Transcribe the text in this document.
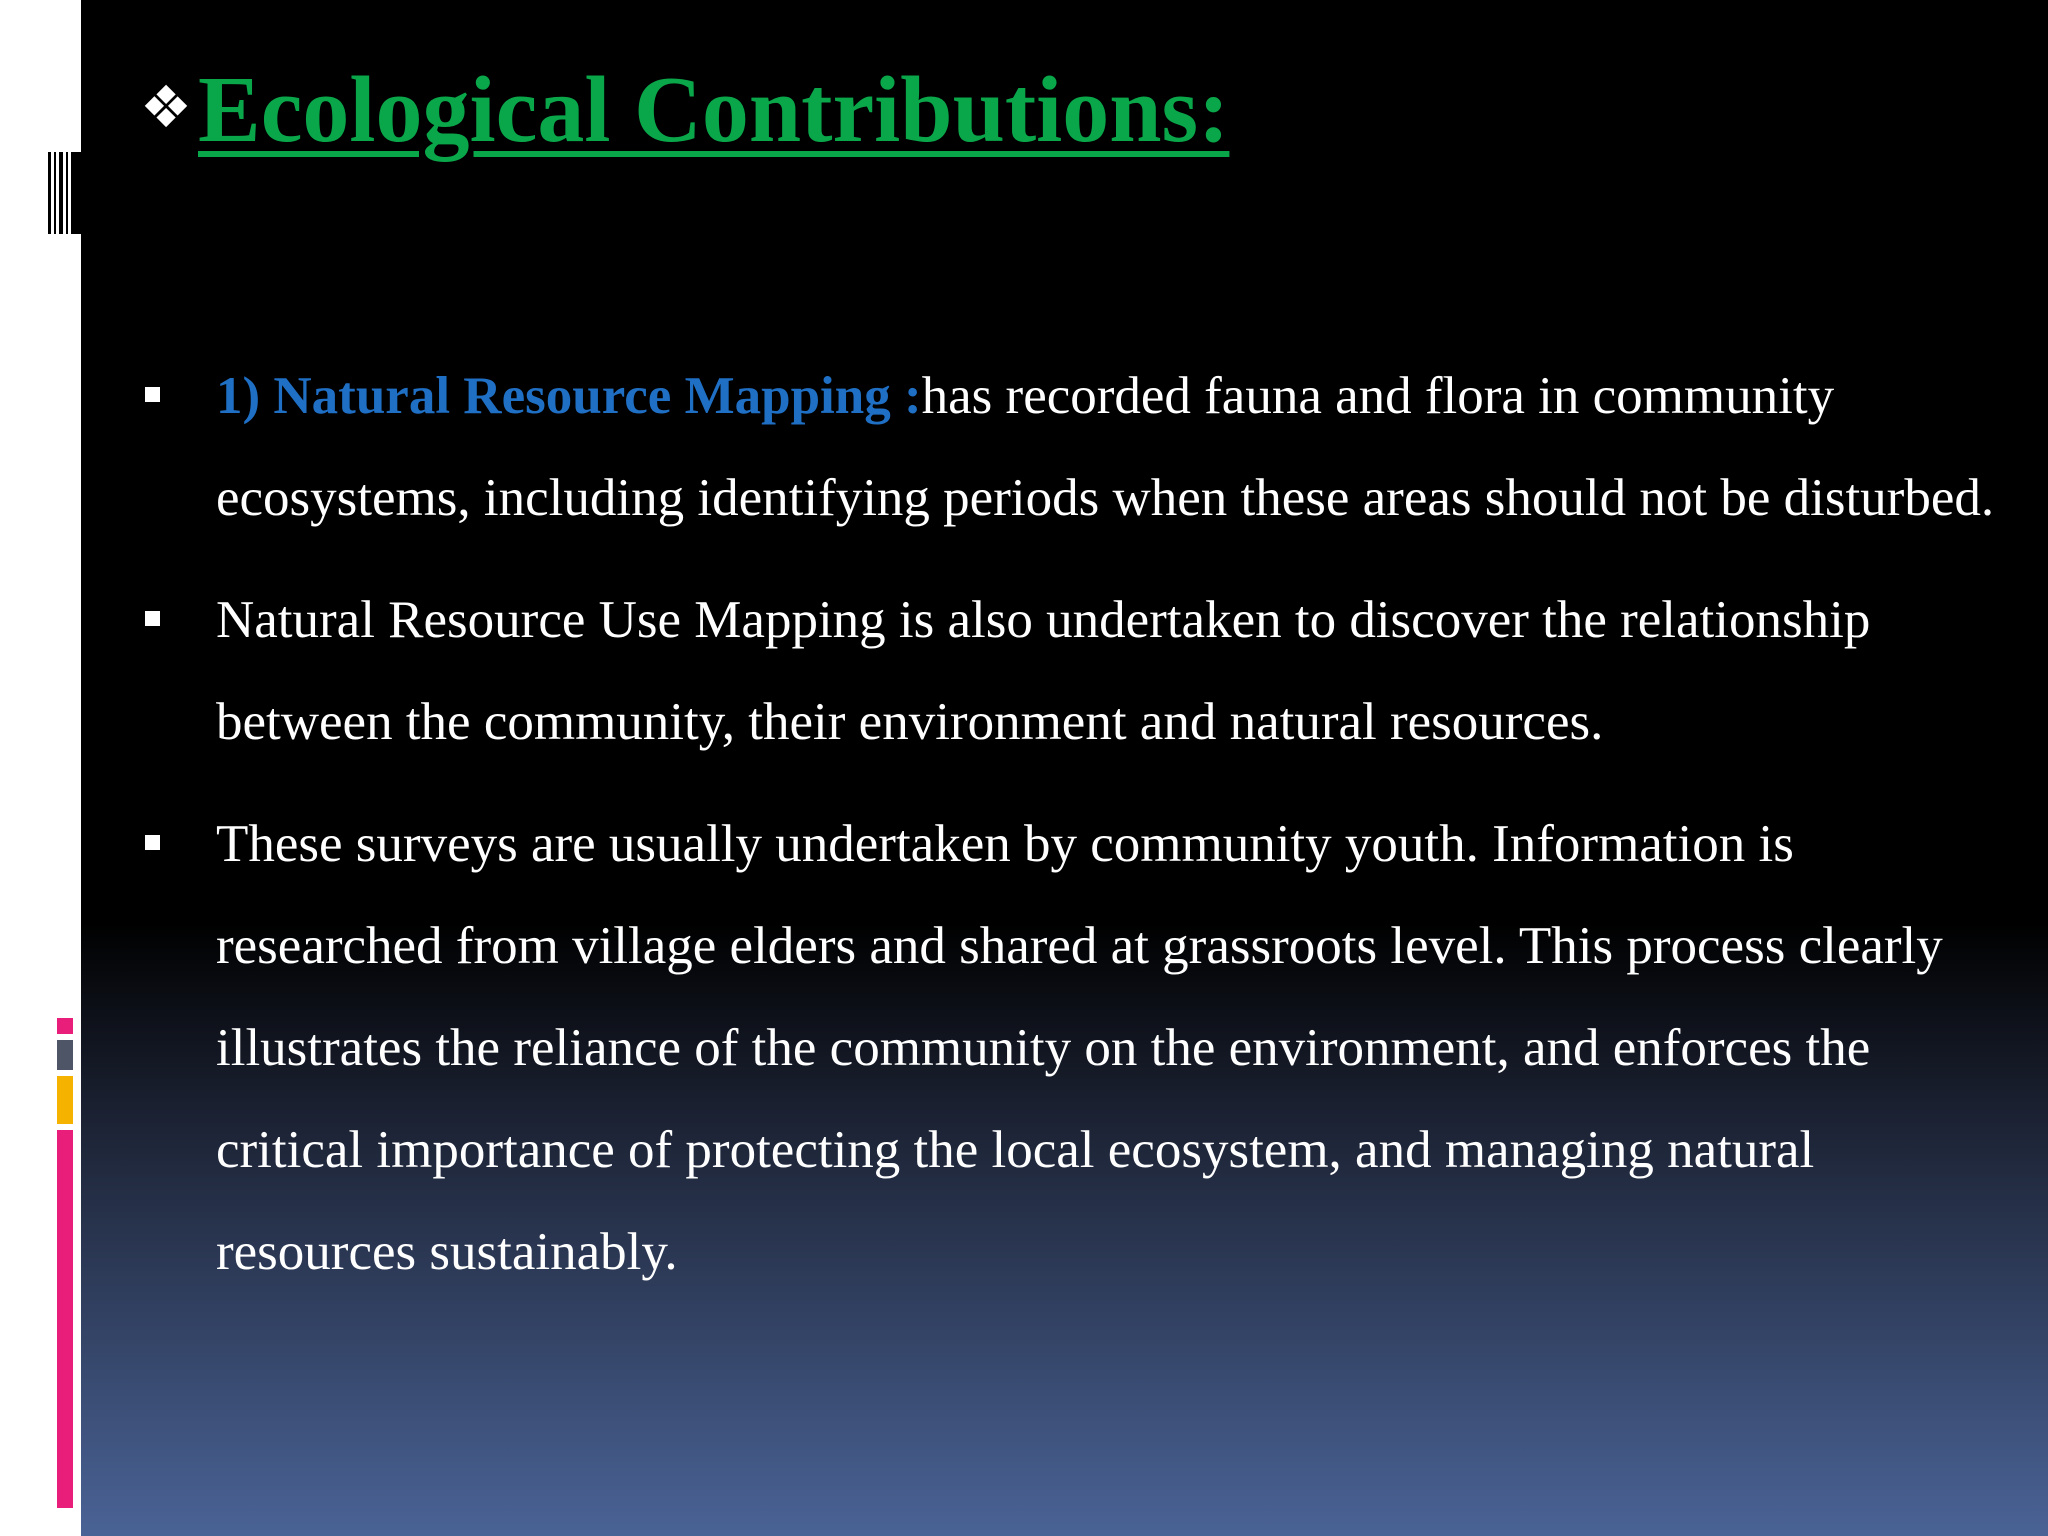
❖ Ecological Contributions:
1) Natural Resource Mapping :has recorded fauna and flora in community ecosystems, including identifying periods when these areas should not be disturbed.
Natural Resource Use Mapping is also undertaken to discover the relationship between the community, their environment and natural resources.
These surveys are usually undertaken by community youth. Information is researched from village elders and shared at grassroots level. This process clearly illustrates the reliance of the community on the environment, and enforces the critical importance of protecting the local ecosystem, and managing natural resources sustainably.
